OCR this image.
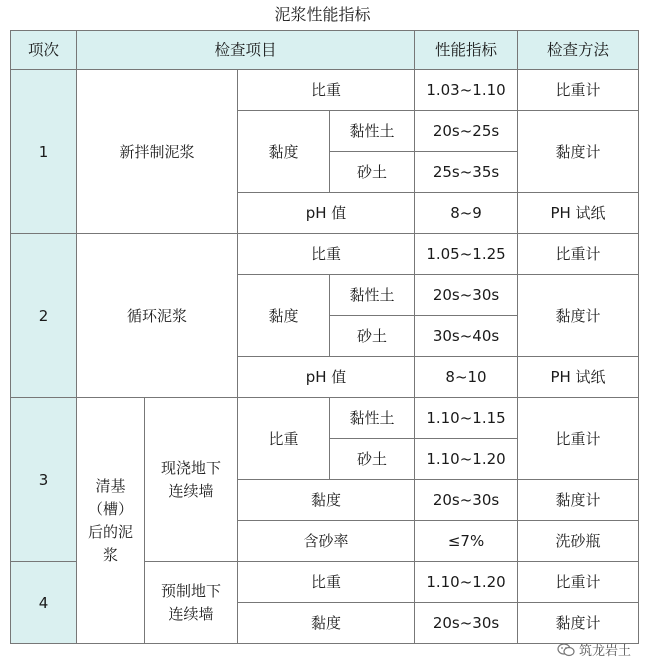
泥浆性能指标
项次	检查项目				性能指标	检查方法
1	新拌制泥浆		比重		1.03~1.10	比重计
			黏度	黏性土	20s~25s	黏度计
				砂土	25s~35s	
			pH 值		8~9	PH 试纸
2	循环泥浆		比重		1.05~1.25	比重计
			黏度	黏性土	20s~30s	黏度计
				砂土	30s~40s	
			pH 值		8~10	PH 试纸
3	清基（槽）后的泥浆	现浇地下连续墙	比重	黏性土	1.10~1.15	比重计
				砂土	1.10~1.20	
			黏度		20s~30s	黏度计
			含砂率		≤7%	洗砂瓶
4		预制地下连续墙	比重		1.10~1.20	比重计
			黏度		20s~30s	黏度计
筑龙岩土
